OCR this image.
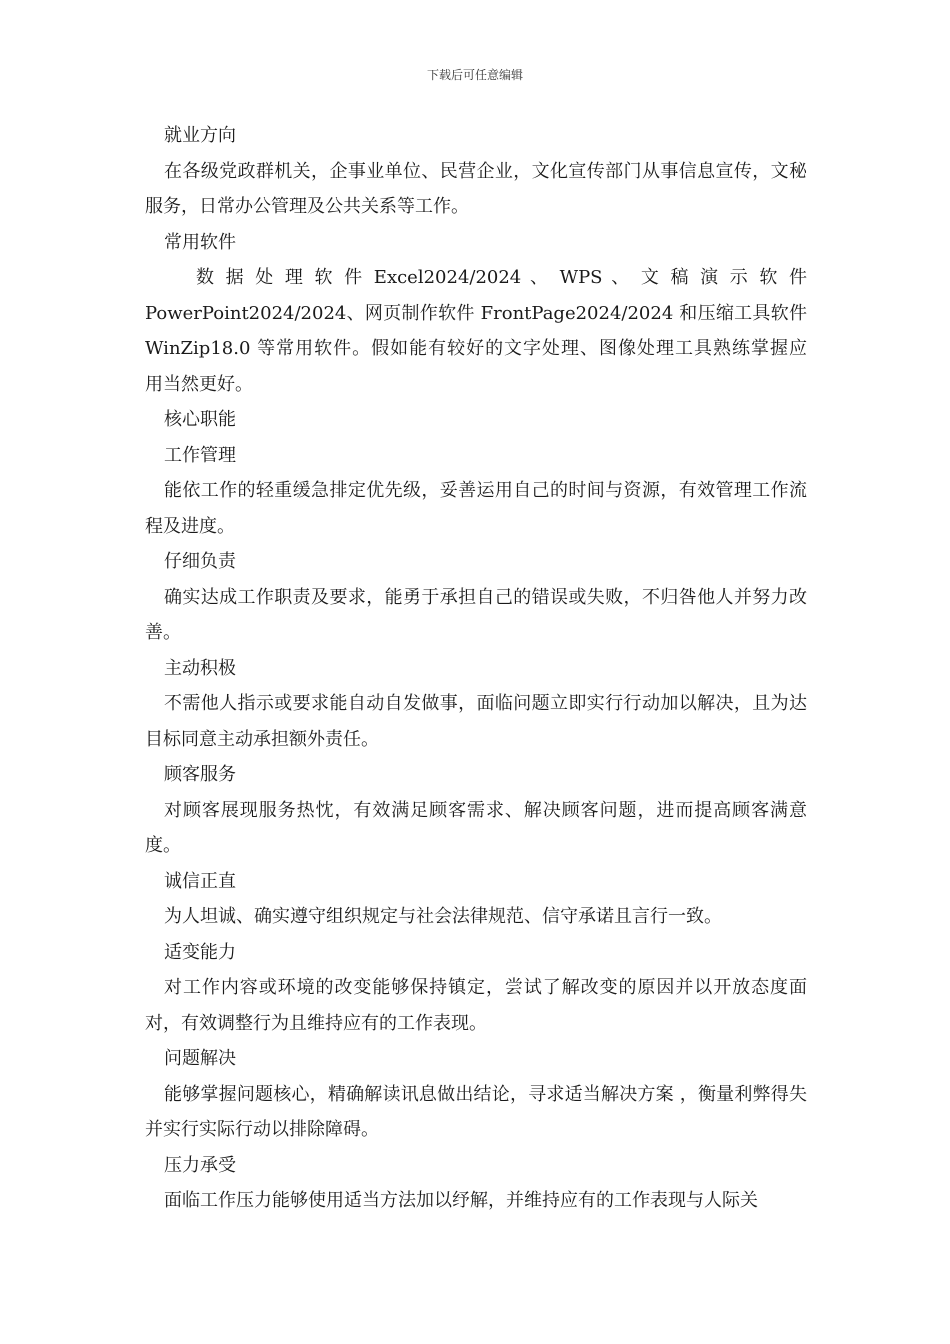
下载后可任意编辑

就业方向

在各级党政群机关，企事业单位、民营企业，文化宣传部门从事信息宣传，文秘服务，日常办公管理及公共关系等工作。

常用软件

数 据 处 理 软 件 Excel2024/2024 、 WPS 、 文 稿 演 示 软 件
PowerPoint2024/2024、网页制作软件 FrontPage2024/2024 和压缩工具软件
WinZip18.0 等常用软件。假如能有较好的文字处理、图像处理工具熟练掌握应
用当然更好。

核心职能

工作管理

能依工作的轻重缓急排定优先级，妥善运用自己的时间与资源，有效管理工作流程及进度。

仔细负责

确实达成工作职责及要求，能勇于承担自己的错误或失败，不归咎他人并努力改善。

主动积极

不需他人指示或要求能自动自发做事，面临问题立即实行行动加以解决，且为达目标同意主动承担额外责任。

顾客服务

对顾客展现服务热忱，有效满足顾客需求、解决顾客问题，进而提高顾客满意度。

诚信正直

为人坦诚、确实遵守组织规定与社会法律规范、信守承诺且言行一致。

适变能力

对工作内容或环境的改变能够保持镇定，尝试了解改变的原因并以开放态度面对，有效调整行为且维持应有的工作表现。

问题解决

能够掌握问题核心，精确解读讯息做出结论，寻求适当解决方案 ，衡量利弊得失并实行实际行动以排除障碍。

压力承受

面临工作压力能够使用适当方法加以纾解，并维持应有的工作表现与人际关
